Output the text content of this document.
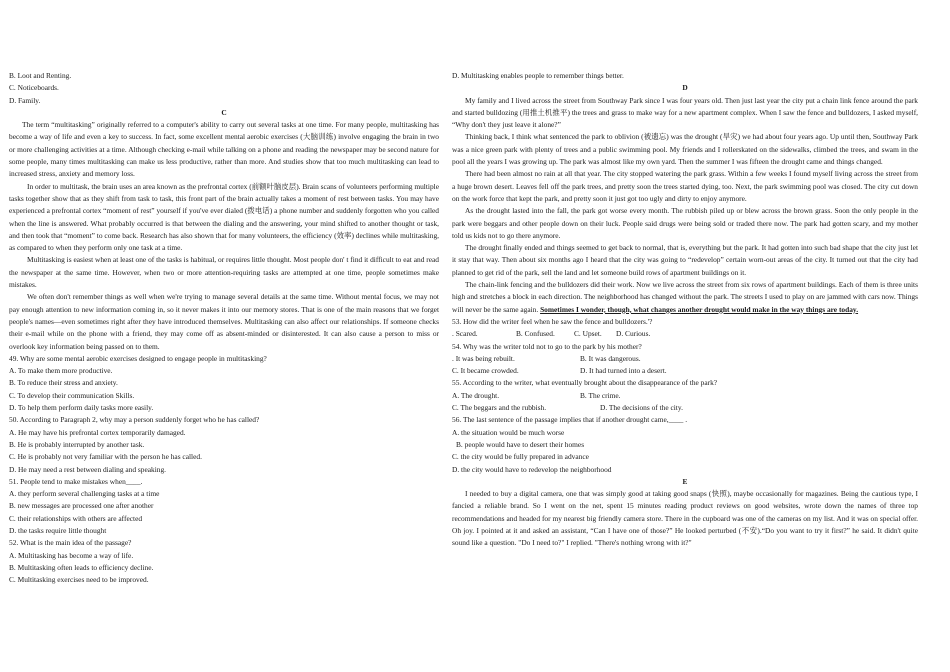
B. Loot and Renting.
C. Noticeboards.
D. Family.
C
The term “multitasking” originally referred to a computer's ability to carry out several tasks at one time. For many people, multitasking has become a way of life and even a key to success. In fact, some excellent mental aerobic exercises (大脑训练) involve engaging the brain in two or more challenging activities at a time. Although checking e-mail while talking on a phone and reading the newspaper may be second nature for some people, many times multitasking can make us less productive, rather than more. And studies show that too much multitasking can lead to increased stress, anxiety and memory loss.
In order to multitask, the brain uses an area known as the prefrontal cortex (前额叶脑皮层). Brain scans of volunteers performing multiple tasks together show that as they shift from task to task, this front part of the brain actually takes a moment of rest between tasks. You may have experienced a prefrontal cortex “moment of rest” yourself if you've ever dialed (拨电话) a phone number and suddenly forgotten who you called when the line is answered. What probably occurred is that between the dialing and the answering, your mind shifted to another thought or task, and then took that “moment” to come back. Research has also shown that for many volunteers, the efficiency (效率) declines while multitasking, as compared to when they perform only one task at a time.
Multitasking is easiest when at least one of the tasks is habitual, or requires little thought. Most people don' t find it difficult to eat and read the newspaper at the same time. However, when two or more attention-requiring tasks are attempted at one time, people sometimes make mistakes.
We often don't remember things as well when we're trying to manage several details at the same time. Without mental focus, we may not pay enough attention to new information coming in, so it never makes it into our memory stores. That is one of the main reasons that we forget people's names—even sometimes right after they have introduced themselves. Multitasking can also affect our relationships. If someone checks their e-mail while on the phone with a friend, they may come off as absent-minded or disinterested. It can also cause a person to miss or overlook key information being passed on to them.
49. Why are some mental aerobic exercises designed to engage people in multitasking?
A. To make them more productive.
B. To reduce their stress and anxiety.
C. To develop their communication Skills.
D. To help them perform daily tasks more easily.
50. According to Paragraph 2, why may a person suddenly forget who he has called?
A. He may have his prefrontal cortex temporarily damaged.
B. He is probably interrupted by another task.
C. He is probably not very familiar with the person he has called.
D. He may need a rest between dialing and speaking.
51. People tend to make mistakes when____.
A. they perform several challenging tasks at a time
B. new messages are processed one after another
C. their relationships with others are affected
D. the tasks require little thought
52. What is the main idea of the passage?
A. Multitasking has become a way of life.
B. Multitasking often leads to efficiency decline.
C. Multitasking exercises need to be improved.
D. Multitasking enables people to remember things better.
D
My family and I lived across the street from Southway Park since I was four years old. Then just last year the city put a chain link fence around the park and started bulldozing (用推土机推平) the trees and grass to make way for a new apartment complex. When I saw the fence and bulldozers, I asked myself, “Why don't they just leave it alone?”
Thinking back, I think what sentenced the park to oblivion (被遗忘) was the drought (旱灾) we had about four years ago. Up until then, Southway Park was a nice green park with plenty of trees and a public swimming pool. My friends and I rollerskated on the sidewalks, climbed the trees, and swam in the pool all the years I was growing up. The park was almost like my own yard. Then the summer I was fifteen the drought came and things changed.
There had been almost no rain at all that year. The city stopped watering the park grass. Within a few weeks I found myself living across the street from a huge brown desert. Leaves fell off the park trees, and pretty soon the trees started dying, too. Next, the park swimming pool was closed. The city cut down on the work force that kept the park, and pretty soon it just got too ugly and dirty to enjoy anymore.
As the drought lasted into the fall, the park got worse every month. The rubbish piled up or blew across the brown grass. Soon the only people in the park were beggars and other people down on their luck. People said drugs were being sold or traded there now. The park had gotten scary, and my mother told us kids not to go there anymore.
The drought finally ended and things seemed to get back to normal, that is, everything but the park. It had gotten into such bad shape that the city just let it stay that way. Then about six months ago I heard that the city was going to “redevelop” certain worn-out areas of the city. It turned out that the city had planned to get rid of the park, sell the land and let someone build rows of apartment buildings on it.
The chain-link fencing and the bulldozers did their work. Now we live across the street from six rows of apartment buildings. Each of them is three units high and stretches a block in each direction. The neighborhood has changed without the park. The streets I used to play on are jammed with cars now. Things will never be the same again. Sometimes I wonder, though, what changes another drought would make in the way things are today.
53. How did the writer feel when he saw the fence and bulldozers.'?
. Scared.	B. Confused.	C. Upset.	D. Curious.
54. Why was the writer told not to go to the park by his mother?
. It was being rebuilt.	B. It was dangerous.
C. It became crowded.	D. It had turned into a desert.
55. According to the writer, what eventually brought about the disappearance of the park?
A. The drought.	B. The crime.
C. The beggars and the rubbish.	D. The decisions of the city.
56. The last sentence of the passage implies that if another drought came,____ .
A. the situation would be much worse
B. people would have to desert their homes
C. the city would be fully prepared in advance
D. the city would have to redevelop the neighborhood
E
I needed to buy a digital camera, one that was simply good at taking good snaps (快照), maybe occasionally for magazines. Being the cautious type, I fancied a reliable brand. So I went on the net, spent 15 minutes reading product reviews on good websites, wrote down the names of three top recommendations and headed for my nearest big friendly camera store. There in the cupboard was one of the cameras on my list. And it was on special offer. Oh joy. I pointed at it and asked an assistant, “Can I have one of those?” He looked perturbed (不安).“Do you want to try it first?” he said. It didn't quite sound like a question. "Do I need to?" I replied. "There's nothing wrong with it?"
